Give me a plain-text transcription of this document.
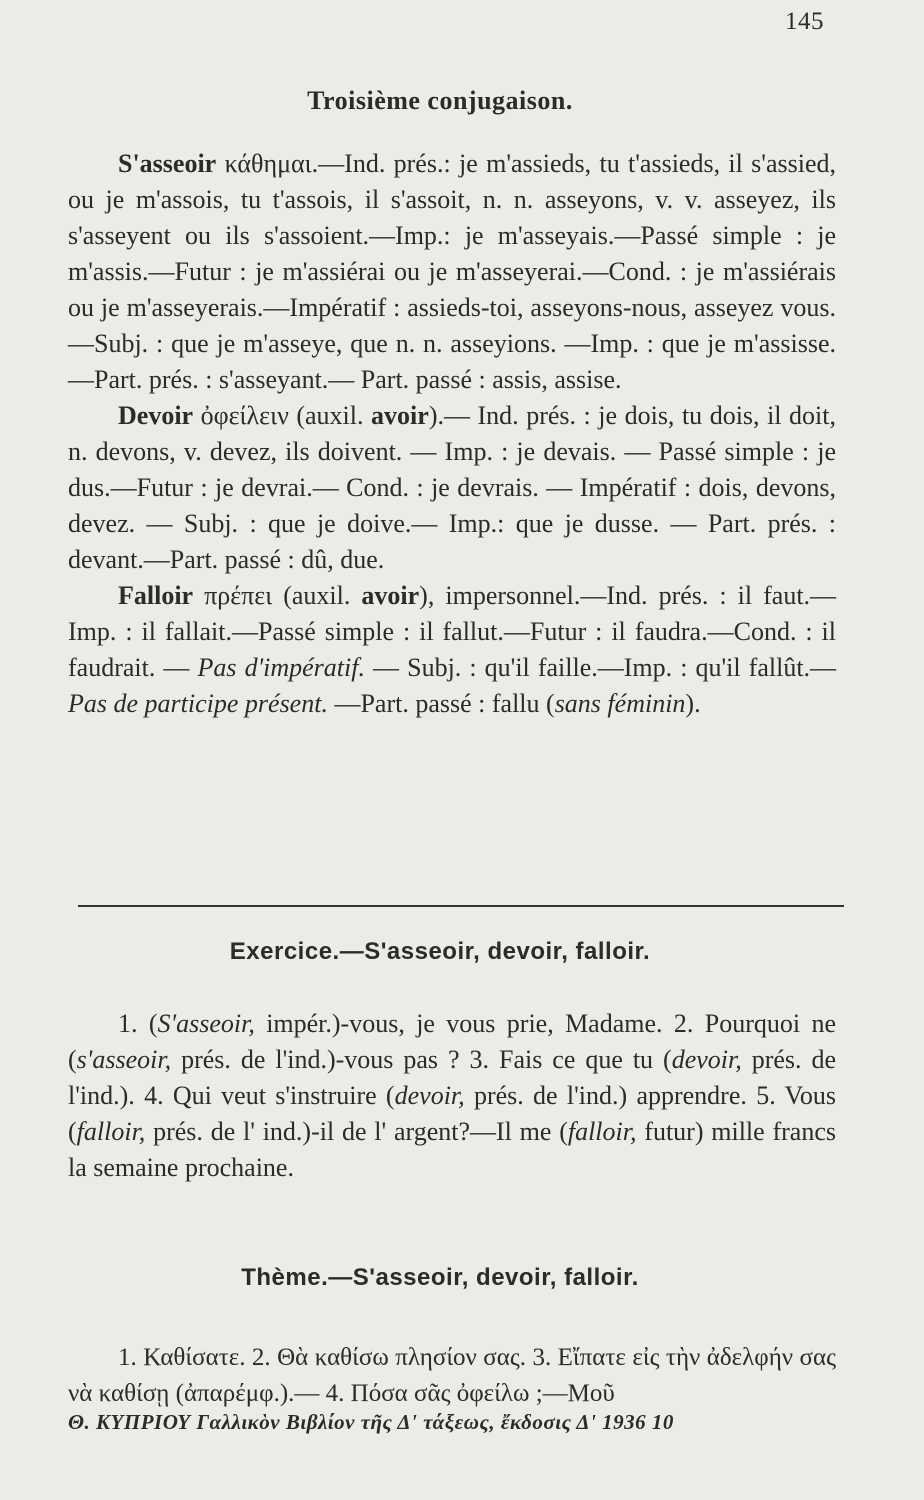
145
Troisième conjugaison.

S'asseoir κάθημαι.—Ind. prés.: je m'assieds, tu t'assieds, il s'assied, ou je m'assois, tu t'assois, il s'assoit, n. n. asseyons, v. v. asseyez, ils s'asseyent ou ils s'assoient.—Imp.: je m'asseyais.—Passé simple : je m'assis.—Futur : je m'assiérai ou je m'asseyerai.—Cond. : je m'assiérais ou je m'asseyerais.—Impératif : assieds-toi, asseyons-nous, asseyez vous.—Subj. : que je m'asseye, que n. n. asseyions. —Imp. : que je m'assisse.—Part. prés. : s'asseyant.— Part. passé : assis, assise.

Devoir ὀφείλειν (auxil. avoir).— Ind. prés. : je dois, tu dois, il doit, n. devons, v. devez, ils doivent. — Imp. : je devais. — Passé simple : je dus.—Futur : je devrai.— Cond. : je devrais. — Impératif : dois, devons, devez. — Subj. : que je doive.— Imp.: que je dusse. — Part. prés. : devant.—Part. passé : dû, due.

Falloir πρέπει (auxil. avoir), impersonnel.—Ind. prés. : il faut.—Imp. : il fallait.—Passé simple : il fallut.—Futur : il faudra.—Cond. : il faudrait. — Pas d'impératif. — Subj. : qu'il faille.—Imp. : qu'il fallût.—Pas de participe présent. —Part. passé : fallu (sans féminin).

Exercice.—S'asseoir, devoir, falloir.

1. (S'asseoir, impér.)-vous, je vous prie, Madame. 2. Pourquoi ne (s'asseoir, prés. de l'ind.)-vous pas ? 3. Fais ce que tu (devoir, prés. de l'ind.). 4. Qui veut s'instruire (devoir, prés. de l'ind.) apprendre. 5. Vous (falloir, prés. de l' ind.)-il de l' argent?—Il me (falloir, futur) mille francs la semaine prochaine.

Thème.—S'asseoir, devoir, falloir.

1. Καθίσατε. 2. Θὰ καθίσω πλησίον σας. 3. Εἴπατε εἰς τὴν ἀδελφήν σας νὰ καθίσῃ (ἀπαρέμφ.).— 4. Πόσα σᾶς ὀφείλω ;—Μοῦ

Θ. ΚΥΠΡΙΟΥ Γαλλικὸν Βιβλίον τῆς Δ' τάξεως, ἔκδοσις Δ' 1936 10
